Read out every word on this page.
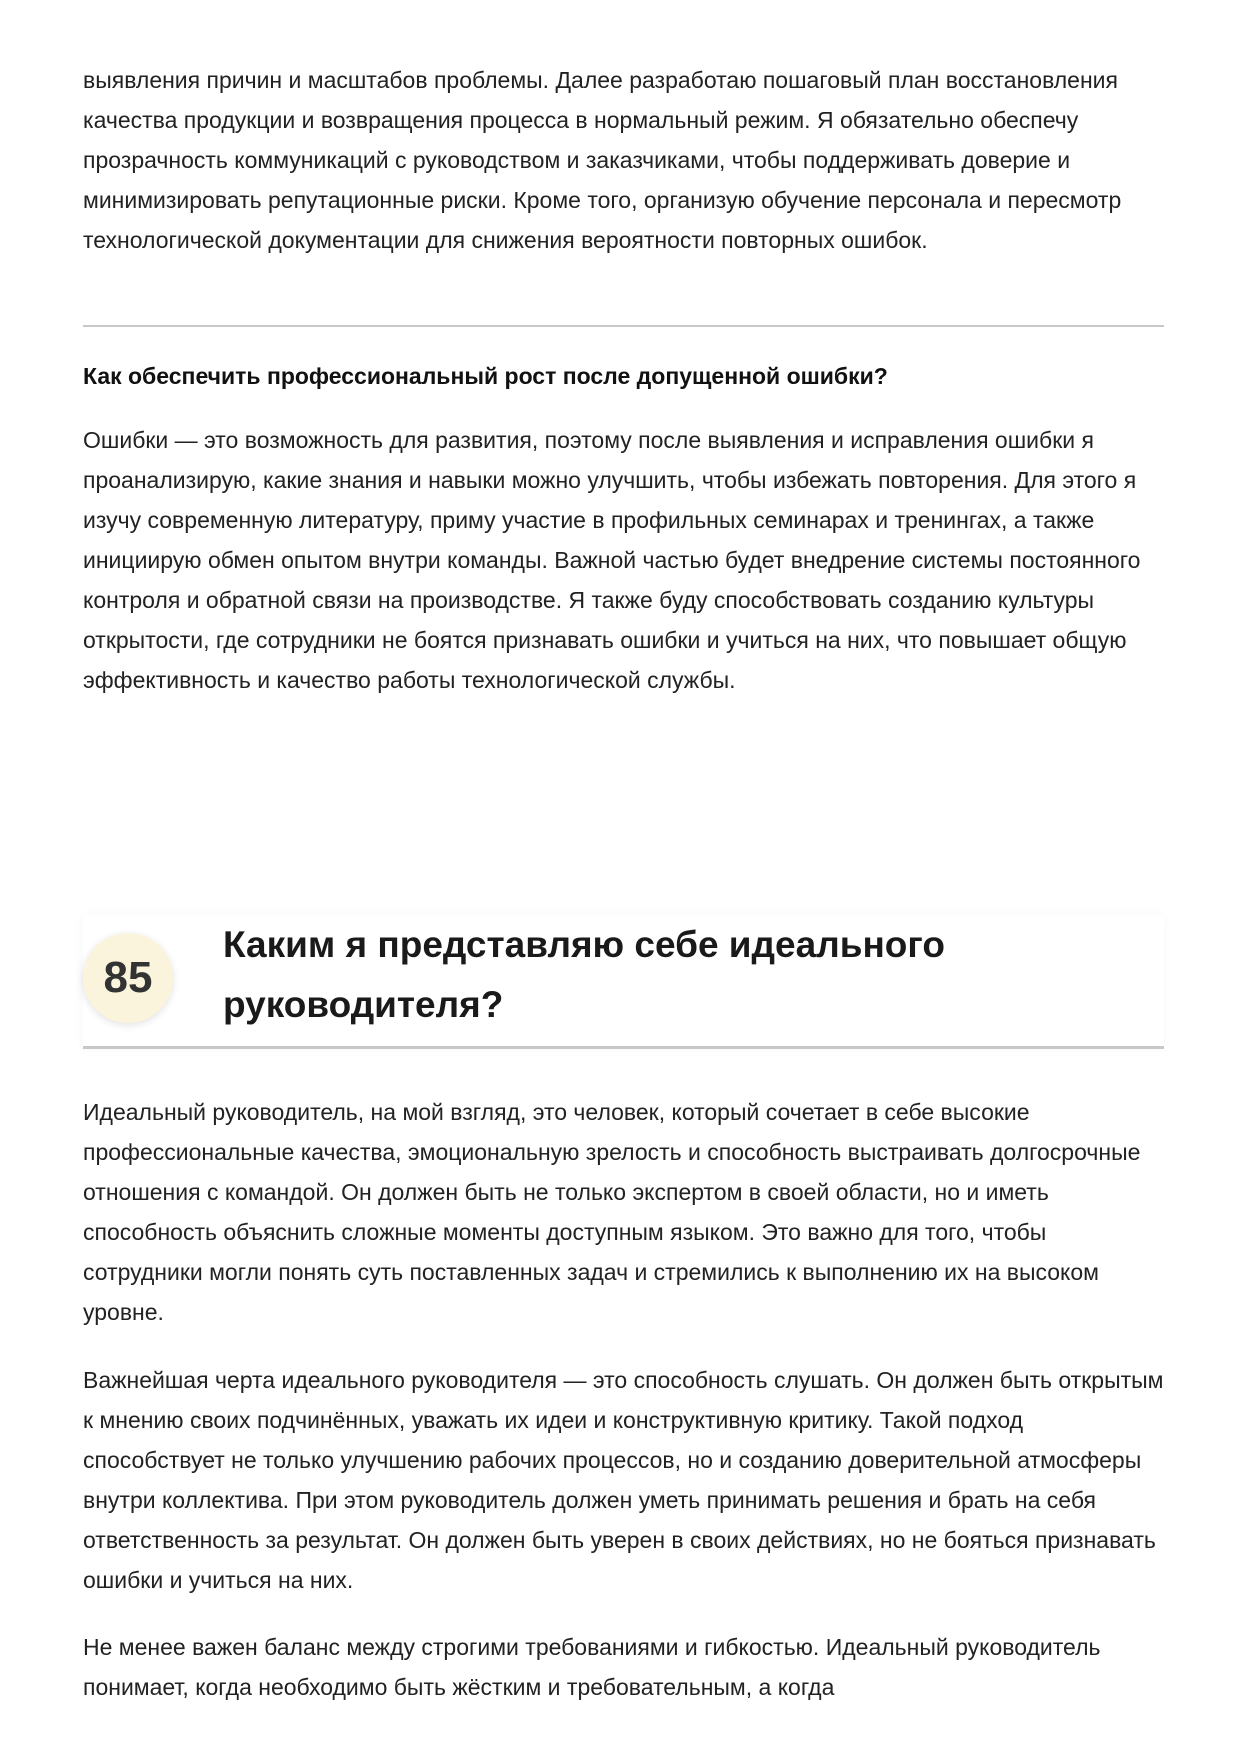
выявления причин и масштабов проблемы. Далее разработаю пошаговый план восстановления качества продукции и возвращения процесса в нормальный режим. Я обязательно обеспечу прозрачность коммуникаций с руководством и заказчиками, чтобы поддерживать доверие и минимизировать репутационные риски. Кроме того, организую обучение персонала и пересмотр технологической документации для снижения вероятности повторных ошибок.

Как обеспечить профессиональный рост после допущенной ошибки?

Ошибки — это возможность для развития, поэтому после выявления и исправления ошибки я проанализирую, какие знания и навыки можно улучшить, чтобы избежать повторения. Для этого я изучу современную литературу, приму участие в профильных семинарах и тренингах, а также инициирую обмен опытом внутри команды. Важной частью будет внедрение системы постоянного контроля и обратной связи на производстве. Я также буду способствовать созданию культуры открытости, где сотрудники не боятся признавать ошибки и учиться на них, что повышает общую эффективность и качество работы технологической службы.

85
Каким я представляю себе идеального руководителя?

Идеальный руководитель, на мой взгляд, это человек, который сочетает в себе высокие профессиональные качества, эмоциональную зрелость и способность выстраивать долгосрочные отношения с командой. Он должен быть не только экспертом в своей области, но и иметь способность объяснить сложные моменты доступным языком. Это важно для того, чтобы сотрудники могли понять суть поставленных задач и стремились к выполнению их на высоком уровне.

Важнейшая черта идеального руководителя — это способность слушать. Он должен быть открытым к мнению своих подчинённых, уважать их идеи и конструктивную критику. Такой подход способствует не только улучшению рабочих процессов, но и созданию доверительной атмосферы внутри коллектива. При этом руководитель должен уметь принимать решения и брать на себя ответственность за результат. Он должен быть уверен в своих действиях, но не бояться признавать ошибки и учиться на них.

Не менее важен баланс между строгими требованиями и гибкостью. Идеальный руководитель понимает, когда необходимо быть жёстким и требовательным, а когда
